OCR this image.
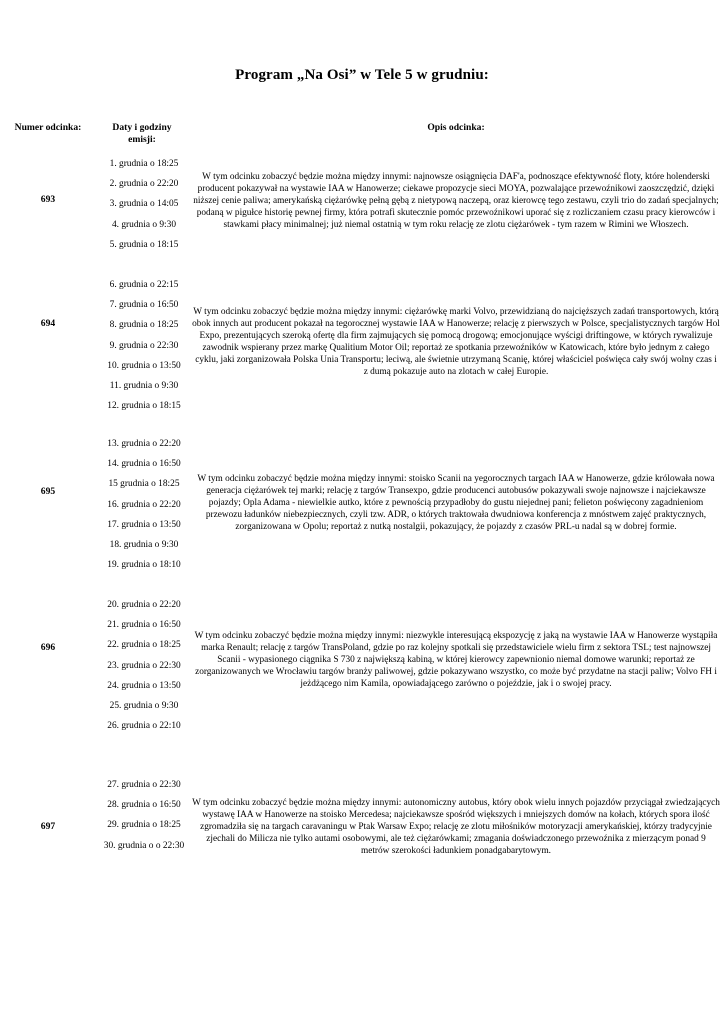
Program „Na Osi” w Tele 5 w grudniu:
Numer odcinka:	Daty i godziny emisji:
Opis odcinka:
693
1. grudnia o 18:25
2. grudnia o 22:20
3. grudnia o 14:05
4. grudnia o 9:30
5. grudnia o 18:15
W tym odcinku zobaczyć będzie można między innymi: najnowsze osiągnięcia DAF'a, podnoszące efektywność floty, które holenderski producent pokazywał na wystawie IAA w Hanowerze; ciekawe propozycje sieci MOYA, pozwalające przewoźnikowi zaoszczędzić, dzięki niższej cenie paliwa; amerykańską ciężarówkę pełną gębą z nietypową naczepą, oraz kierowcę tego zestawu, czyli trio do zadań specjalnych; podaną w pigułce historię pewnej firmy, która potrafi skutecznie pomóc przewoźnikowi uporać się z rozliczaniem czasu pracy kierowców i stawkami płacy minimalnej; już niemal ostatnią w tym roku relację ze zlotu ciężarówek - tym razem w Rimini we Włoszech.
694
6. grudnia o 22:15
7. grudnia o 16:50
8. grudnia o 18:25
9. grudnia o 22:30
10. grudnia o 13:50
11. grudnia o 9:30
12. grudnia o 18:15
W tym odcinku zobaczyć będzie można między innymi: ciężarówkę marki Volvo, przewidzianą do najcięższych zadań transportowych, którą obok innych aut producent pokazał na tegorocznej wystawie IAA w Hanowerze; relację z pierwszych w Polsce, specjalistycznych targów Hol Expo, prezentujących szeroką ofertę dla firm zajmujących się pomocą drogową; emocjonujące wyścigi driftingowe, w których rywalizuje zawodnik wspierany przez markę Qualitium Motor Oil; reportaż ze spotkania przewoźników w Katowicach, które było jednym z całego cyklu, jaki zorganizowała Polska Unia Transportu; leciwą, ale świetnie utrzymaną Scanię, której właściciel poświęca cały swój wolny czas i z dumą pokazuje auto na zlotach w całej Europie.
695
13. grudnia o 22:20
14. grudnia o 16:50
15 grudnia o 18:25
16. grudnia o 22:20
17. grudnia o 13:50
18. grudnia o 9:30
19. grudnia o 18:10
W tym odcinku zobaczyć będzie można między innymi: stoisko Scanii na yegorocznych targach IAA w Hanowerze, gdzie królowała nowa generacja ciężarówek tej marki; relację z targów Transexpo, gdzie producenci autobusów pokazywali swoje najnowsze i najciekawsze pojazdy; Opla Adama - niewielkie autko, które z pewnością przypadłoby do gustu niejednej pani; felieton poświęcony zagadnieniom przewozu ładunków niebezpiecznych, czyli tzw. ADR, o których traktowała dwudniowa konferencja z mnóstwem zajęć praktycznych, zorganizowana w Opolu; reportaż z nutką nostalgii, pokazujący, że pojazdy z czasów PRL-u nadal są w dobrej formie.
696
20. grudnia o 22:20
21. grudnia o 16:50
22. grudnia o 18:25
23. grudnia o 22:30
24. grudnia o 13:50
25. grudnia o 9:30
26. grudnia o 22:10
W tym odcinku zobaczyć będzie można między innymi: niezwykle interesującą ekspozycję z jaką na wystawie IAA w Hanowerze wystąpiła marka Renault; relację z targów TransPoland, gdzie po raz kolejny spotkali się przedstawiciele wielu firm z sektora TSL; test najnowszej Scanii - wypasionego ciągnika S 730 z największą kabiną, w której kierowcy zapewnionio niemal domowe warunki; reportaż ze zorganizowanych we Wrocławiu targów branży paliwowej, gdzie pokazywano wszystko, co może być przydatne na stacji paliw; Volvo FH i jeżdżącego nim Kamila, opowiadającego zarówno o pojeździe, jak i o swojej pracy.
697
27. grudnia o 22:30
28. grudnia o 16:50
29. grudnia o 18:25
30. grudnia o o 22:30
W tym odcinku zobaczyć będzie można między innymi: autonomiczny autobus, który obok wielu innych pojazdów przyciągał zwiedzających wystawę IAA w Hanowerze na stoisko Mercedesa; najciekawsze spośród większych i mniejszych domów na kołach, których spora ilość zgromadziła się na targach caravaningu w Ptak Warsaw Expo; relację ze zlotu miłośników motoryzacji amerykańskiej, którzy tradycyjnie zjechali do Milicza nie tylko autami osobowymi, ale też ciężarówkami; zmagania doświadczonego przewoźnika z mierzącym ponad 9 metrów szerokości ładunkiem ponadgabarytowym.
